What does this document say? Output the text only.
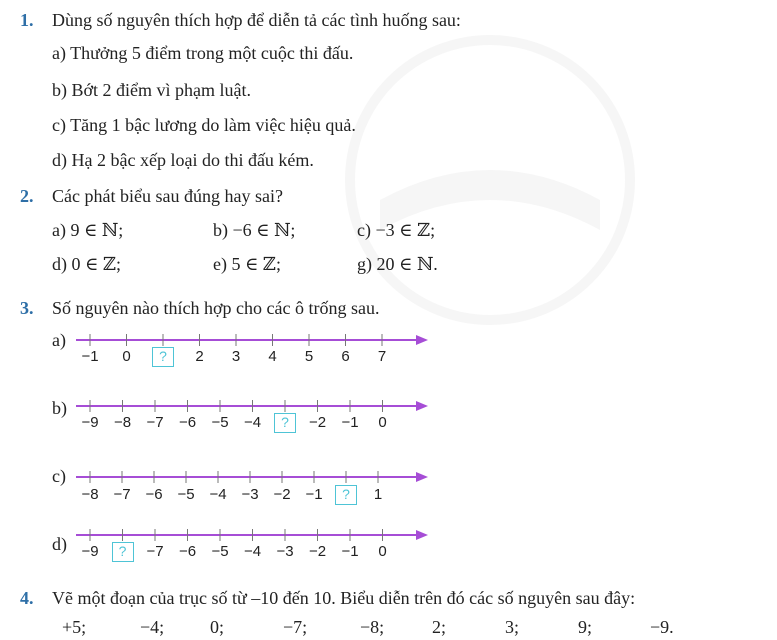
1. Dùng số nguyên thích hợp để diễn tả các tình huống sau:
a) Thưởng 5 điểm trong một cuộc thi đấu.
b) Bớt 2 điểm vì phạm luật.
c) Tăng 1 bậc lương do làm việc hiệu quả.
d) Hạ 2 bậc xếp loại do thi đấu kém.
2. Các phát biểu sau đúng hay sai?
a) 9 ∈ ℕ;	b) −6 ∈ ℕ;	c) −3 ∈ ℤ;
d) 0 ∈ ℤ;	e) 5 ∈ ℤ;	g) 20 ∈ ℕ.
3. Số nguyên nào thích hợp cho các ô trống sau.
a)
−1	0	?	2	3	4	5	6	7
b)
−9	−8	−7	−6	−5	−4	?	−2	−1	0
c)
−8 −7 −6 −5 −4 −3 −2 −1	?	1
d) −9	?	−7	−6	−5	−4	−3	−2	−1	0
4. Vẽ một đoạn của trục số từ –10 đến 10. Biểu diễn trên đó các số nguyên sau đây:
+5;	−4;	0;	−7;	−8;	2;	3;	9;	−9.
